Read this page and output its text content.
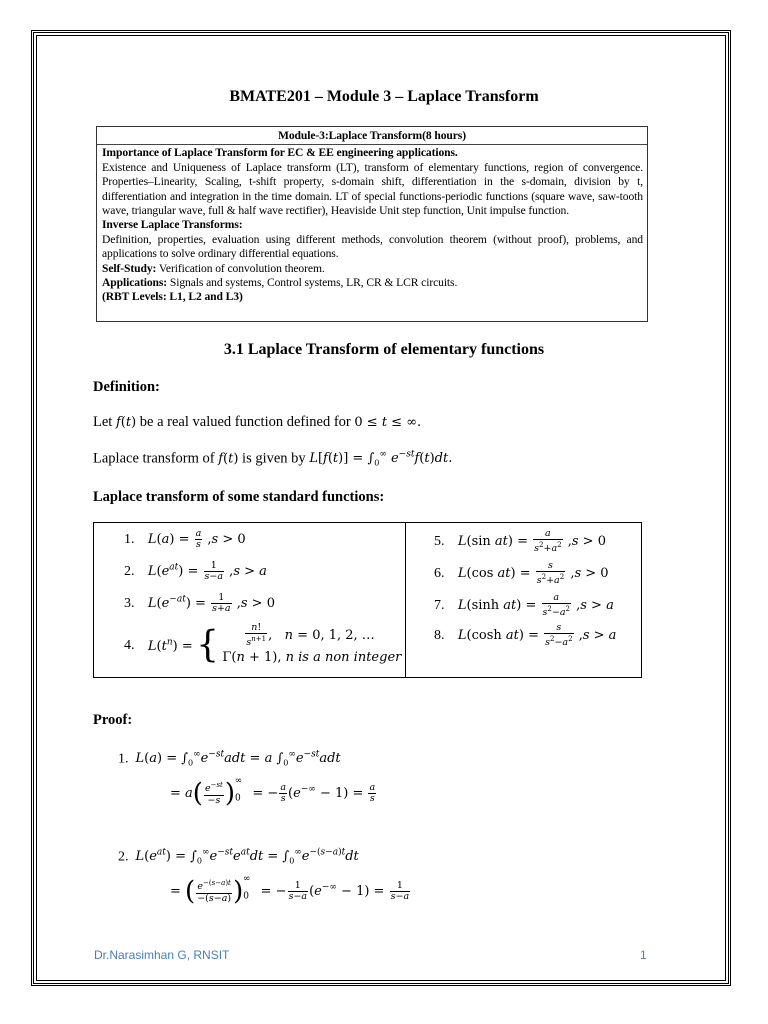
BMATE201 – Module 3 – Laplace Transform
Module-3:Laplace Transform(8 hours)

Importance of Laplace Transform for EC & EE engineering applications.

Existence and Uniqueness of Laplace transform (LT), transform of elementary functions, region of convergence. Properties–Linearity, Scaling, t-shift property, s-domain shift, differentiation in the s-domain, division by t, differentiation and integration in the time domain. LT of special functions-periodic functions (square wave, saw-tooth wave, triangular wave, full & half wave rectifier), Heaviside Unit step function, Unit impulse function.

Inverse Laplace Transforms:

Definition, properties, evaluation using different methods, convolution theorem (without proof), problems, and applications to solve ordinary differential equations.

Self-Study: Verification of convolution theorem.

Applications: Signals and systems, Control systems, LR, CR & LCR circuits.

(RBT Levels: L1, L2 and L3)

3.1 Laplace Transform of elementary functions
Definition:
Let f(t) be a real valued function defined for 0 ≤ t ≤ ∞.
Laplace transform of f(t) is given by $L[f(t)] = \int_0^\infty$ $e^{-st}f(t)dt$.
Laplace transform of some standard functions:
1. $L(a) = \frac{a}{s} ,s > 0$
2. $L(e^{at}) = \frac{1}{s-a} ,s > a$
3. $L(e^{-at}) = \frac{1}{s+a} ,s > 0$
4. $L(t^n)$ = {	$\frac{n!}{s^{n+1}}$ ,   n = 0, 1, 2, …
Γ(n + 1), n is a non integer
5. L(sin $at) = \frac{a}{s^2+a^2} ,s > 0$
6. L(cos $at) = \frac{s}{s^2+a^2} ,s > 0$
7. L(sinh $at) = \frac{a}{s^2-a^2} ,s > a$
8. L(cosh $at) = \frac{s}{s^2-a^2} ,s > a$
Proof:
1. $L(a) = \int_0^\infty e^{-st}adt = a$ $\int_0^\infty e^{-st}adt$
= $a( \frac{e^{-st}}{-s} )_0^\infty$ = − $\frac{a}{s} (e^{-\infty} - 1) = \frac{a}{s}$
2. $L(e^{at}) = \int_0^\infty e^{-st}e^{at}dt = \int_0^\infty e^{-(s-a)t}dt$
= ( $\frac{e^{-(s-a)t}}{-(s-a)} )_0^\infty$ = − $\frac{1}{s-a} (e^{-\infty} - 1) = \frac{1}{s-a}$
Dr.Narasimhan G, RNSIT	1
